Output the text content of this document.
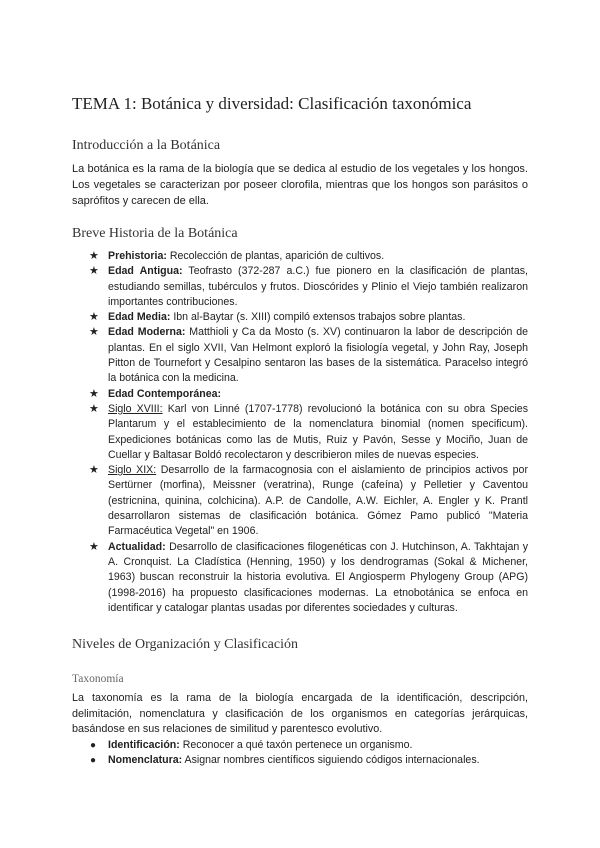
TEMA 1: Botánica y diversidad: Clasificación taxonómica
Introducción a la Botánica
La botánica es la rama de la biología que se dedica al estudio de los vegetales y los hongos. Los vegetales se caracterizan por poseer clorofila, mientras que los hongos son parásitos o saprófitos y carecen de ella.
Breve Historia de la Botánica
★ Prehistoria: Recolección de plantas, aparición de cultivos.
★ Edad Antigua: Teofrasto (372-287 a.C.) fue pionero en la clasificación de plantas, estudiando semillas, tubérculos y frutos. Dioscórides y Plinio el Viejo también realizaron importantes contribuciones.
★ Edad Media: Ibn al-Baytar (s. XIII) compiló extensos trabajos sobre plantas.
★ Edad Moderna: Matthioli y Ca da Mosto (s. XV) continuaron la labor de descripción de plantas. En el siglo XVII, Van Helmont exploró la fisiología vegetal, y John Ray, Joseph Pitton de Tournefort y Cesalpino sentaron las bases de la sistemática. Paracelso integró la botánica con la medicina.
★ Edad Contemporánea:
★ Siglo XVIII: Karl von Linné (1707-1778) revolucionó la botánica con su obra Species Plantarum y el establecimiento de la nomenclatura binomial (nomen specificum). Expediciones botánicas como las de Mutis, Ruiz y Pavón, Sesse y Mociño, Juan de Cuellar y Baltasar Boldó recolectaron y describieron miles de nuevas especies.
★ Siglo XIX: Desarrollo de la farmacognosia con el aislamiento de principios activos por Sertürner (morfina), Meissner (veratrina), Runge (cafeína) y Pelletier y Caventou (estricnina, quinina, colchicina). A.P. de Candolle, A.W. Eichler, A. Engler y K. Prantl desarrollaron sistemas de clasificación botánica. Gómez Pamo publicó "Materia Farmacéutica Vegetal" en 1906.
★ Actualidad: Desarrollo de clasificaciones filogenéticas con J. Hutchinson, A. Takhtajan y A. Cronquist. La Cladística (Henning, 1950) y los dendrogramas (Sokal & Michener, 1963) buscan reconstruir la historia evolutiva. El Angiosperm Phylogeny Group (APG) (1998-2016) ha propuesto clasificaciones modernas. La etnobotánica se enfoca en identificar y catalogar plantas usadas por diferentes sociedades y culturas.
Niveles de Organización y Clasificación
Taxonomía
La taxonomía es la rama de la biología encargada de la identificación, descripción, delimitación, nomenclatura y clasificación de los organismos en categorías jerárquicas, basándose en sus relaciones de similitud y parentesco evolutivo.
● Identificación: Reconocer a qué taxón pertenece un organismo.
● Nomenclatura: Asignar nombres científicos siguiendo códigos internacionales.
